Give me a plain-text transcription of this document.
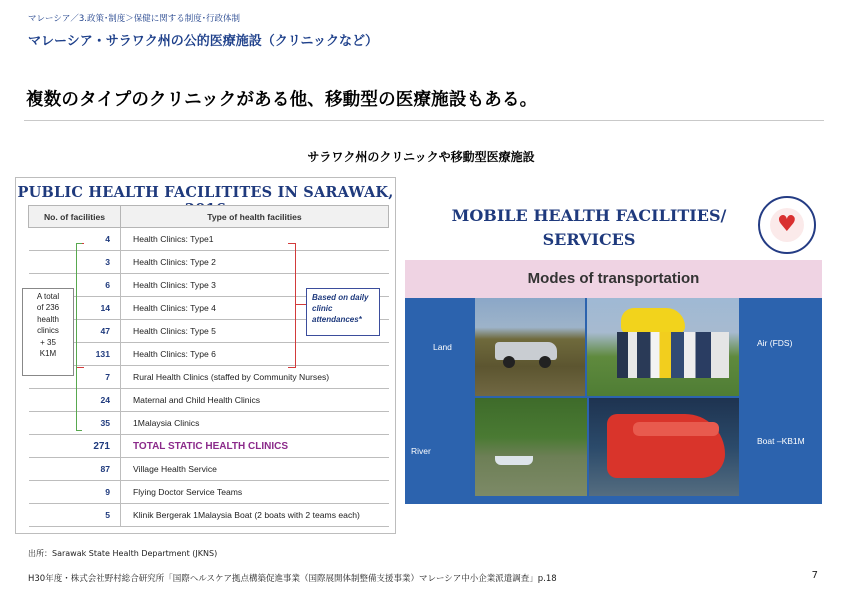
マレーシア／3.政策･制度＞保健に関する制度･行政体制
マレーシア・サラワク州の公的医療施設（クリニックなど）
複数のタイプのクリニックがある他、移動型の医療施設もある。
サラワク州のクリニックや移動型医療施設
PUBLIC HEALTH FACILITITES IN SARAWAK,
No. of facilities	Type of health facilities
4	Health Clinics: Type1
3	Health Clinics: Type 2
6	Health Clinics: Type 3
14	Health Clinics: Type 4
47	Health Clinics: Type 5
131	Health Clinics: Type 6
7	Rural Health Clinics (staffed by Community Nurses)
24	Maternal and Child Health Clinics
35	1Malaysia Clinics
271	TOTAL STATIC HEALTH CLINICS
87	Village Health Service
9	Flying Doctor Service Teams
5	Klinik Bergerak 1Malaysia Boat (2 boats with 2 teams each)
A total
of 236
health
clinics
+ 35
K1M
Based on daily
clinic
attendances*
MOBILE HEALTH FACILITIES/
SERVICES
♥
Modes of transportation
Land	Air (FDS)
River
Boat –KB1M
出所：Sarawak State Health Department (JKNS)
H30年度・株式会社野村総合研究所「国際ヘルスケア拠点構築促進事業（国際展開体制整備支援事業）マレーシア中小企業派遣調査」p.18	7
